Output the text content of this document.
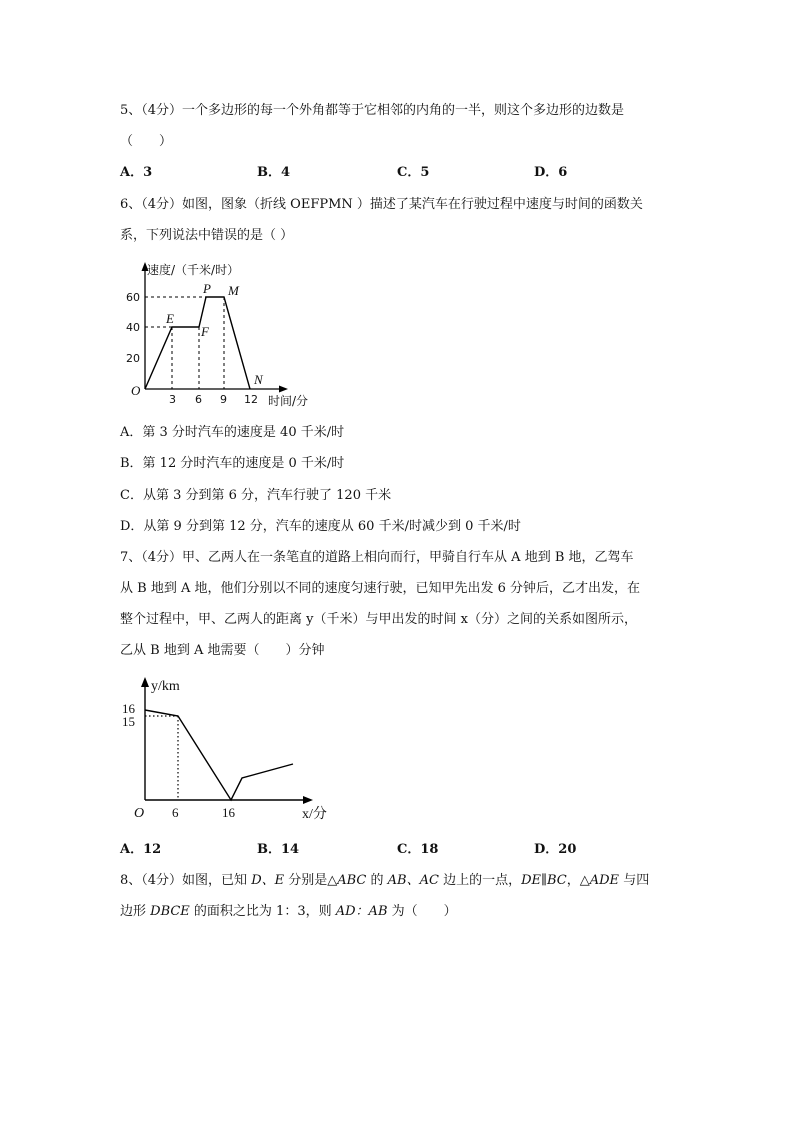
5、（4分）一个多边形的每一个外角都等于它相邻的内角的一半，则这个多边形的边数是
（　　）
A．3	B．4	C．5	D．6
6、（4分）如图，图象（折线 OEFPMN ）描述了某汽车在行驶过程中速度与时间的函数关
系，下列说法中错误的是（ ）
速度/（千米/时）
时间/分
60
40
20
O
3 6 9 12
E
F
P M
N
A．第 3 分时汽车的速度是 40 千米/时
B．第 12 分时汽车的速度是 0 千米/时
C．从第 3 分到第 6 分，汽车行驶了 120 千米
D．从第 9 分到第 12 分，汽车的速度从 60 千米/时减少到 0 千米/时
7、（4分）甲、乙两人在一条笔直的道路上相向而行，甲骑自行车从 A 地到 B 地，乙驾车
从 B 地到 A 地，他们分别以不同的速度匀速行驶，已知甲先出发 6 分钟后，乙才出发，在
整个过程中，甲、乙两人的距离 y（千米）与甲出发的时间 x（分）之间的关系如图所示，
乙从 B 地到 A 地需要（　　）分钟
y/km
x/分
16
15
O 6	16
A．12	B．14	C．18	D．20
8、（4分）如图，已知 D、E 分别是△ABC 的 AB、AC 边上的一点，DE∥BC，△ADE 与四
边形 DBCE 的面积之比为 1：3，则 AD：AB 为（　　）
